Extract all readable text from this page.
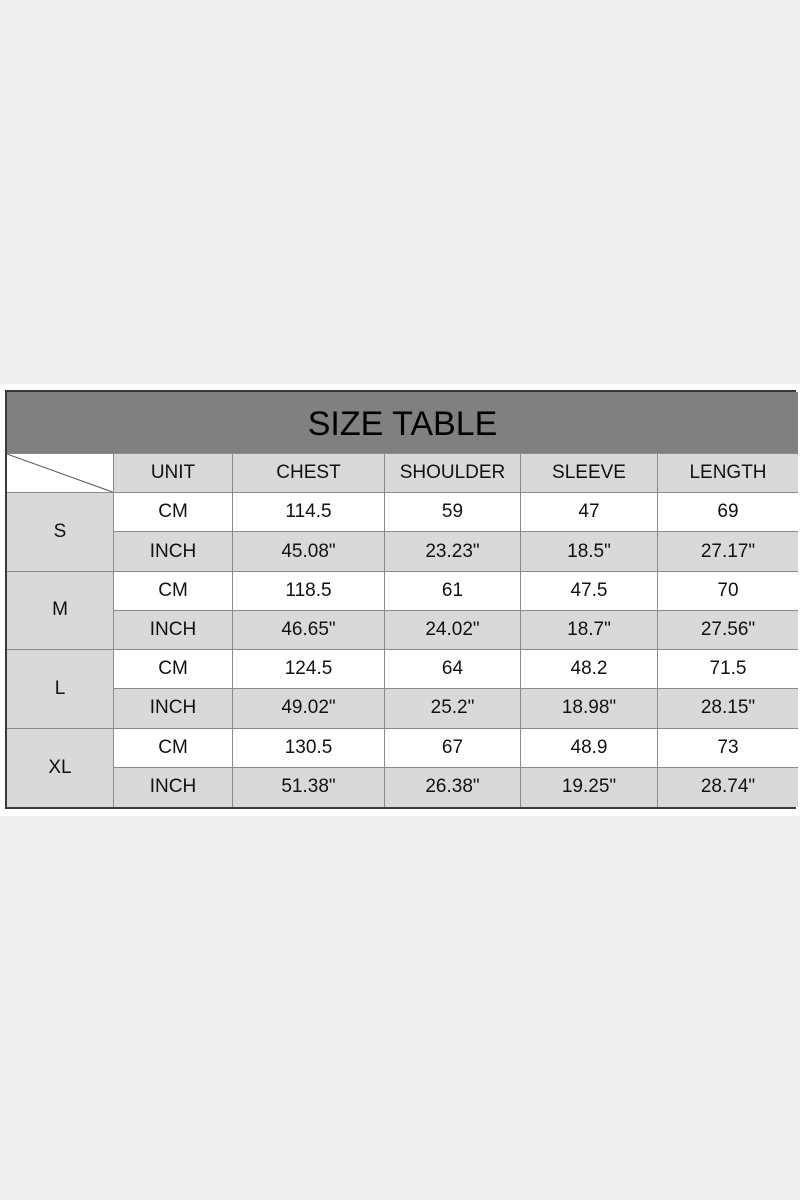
SIZE TABLE
UNIT	CHEST	SHOULDER	SLEEVE	LENGTH
S
CM	114.5	59	47	69
INCH	45.08"	23.23"	18.5"	27.17"
M
CM	118.5	61	47.5	70
INCH	46.65"	24.02"	18.7"	27.56"
L
CM	124.5	64	48.2	71.5
INCH	49.02"	25.2"	18.98"	28.15"
XL
CM	130.5	67	48.9	73
INCH	51.38"	26.38"	19.25"	28.74"
